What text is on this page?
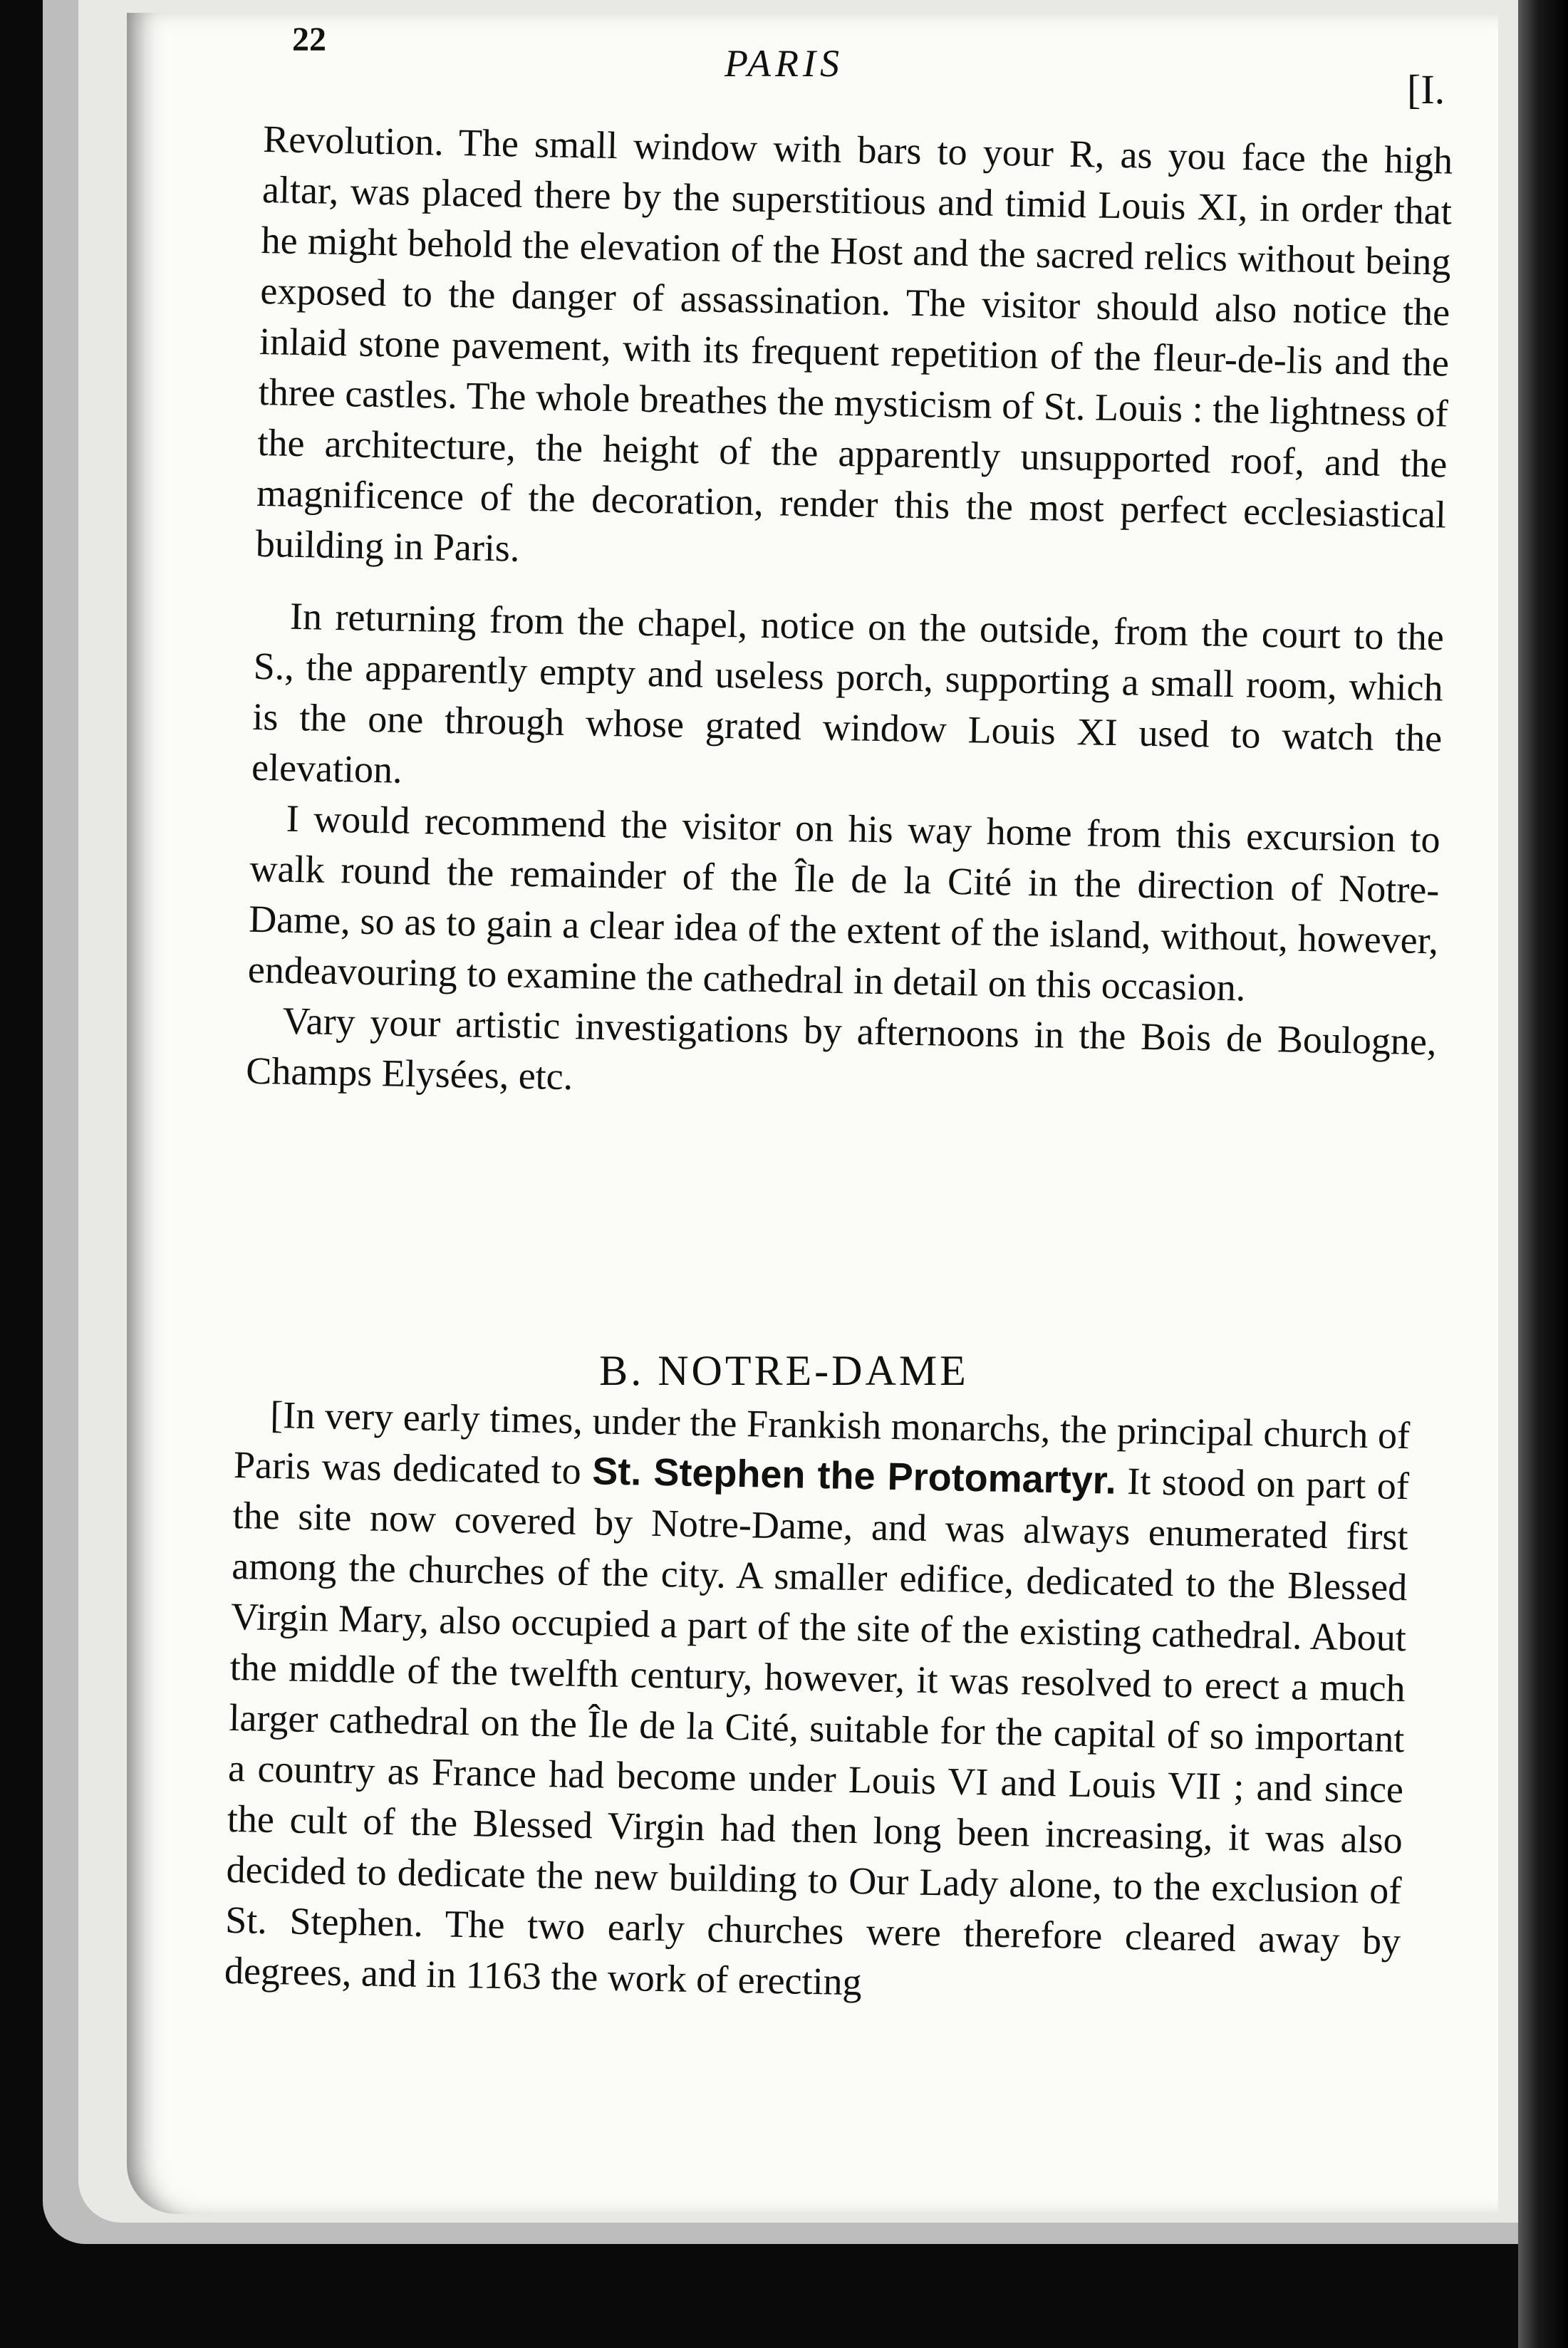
22
PARIS
[I.

Revolution. The small window with bars to your R, as you face the high altar, was placed there by the superstitious and timid Louis XI, in order that he might behold the elevation of the Host and the sacred relics without being exposed to the danger of assassination. The visitor should also notice the inlaid stone pavement, with its frequent repetition of the fleur-de-lis and the three castles. The whole breathes the mysticism of St. Louis : the lightness of the architecture, the height of the apparently unsupported roof, and the magnificence of the decoration, render this the most perfect ecclesiastical building in Paris.

In returning from the chapel, notice on the outside, from the court to the S., the apparently empty and useless porch, supporting a small room, which is the one through whose grated window Louis XI used to watch the elevation.

I would recommend the visitor on his way home from this excursion to walk round the remainder of the Île de la Cité in the direction of Notre-Dame, so as to gain a clear idea of the extent of the island, without, however, endeavouring to examine the cathedral in detail on this occasion.

Vary your artistic investigations by afternoons in the Bois de Boulogne, Champs Elysées, etc.

B. NOTRE-DAME

[In very early times, under the Frankish monarchs, the principal church of Paris was dedicated to St. Stephen the Protomartyr. It stood on part of the site now covered by Notre-Dame, and was always enumerated first among the churches of the city. A smaller edifice, dedicated to the Blessed Virgin Mary, also occupied a part of the site of the existing cathedral. About the middle of the twelfth century, however, it was resolved to erect a much larger cathedral on the Île de la Cité, suitable for the capital of so important a country as France had become under Louis VI and Louis VII ; and since the cult of the Blessed Virgin had then long been increasing, it was also decided to dedicate the new building to Our Lady alone, to the exclusion of St. Stephen. The two early churches were therefore cleared away by degrees, and in 1163 the work of erecting
